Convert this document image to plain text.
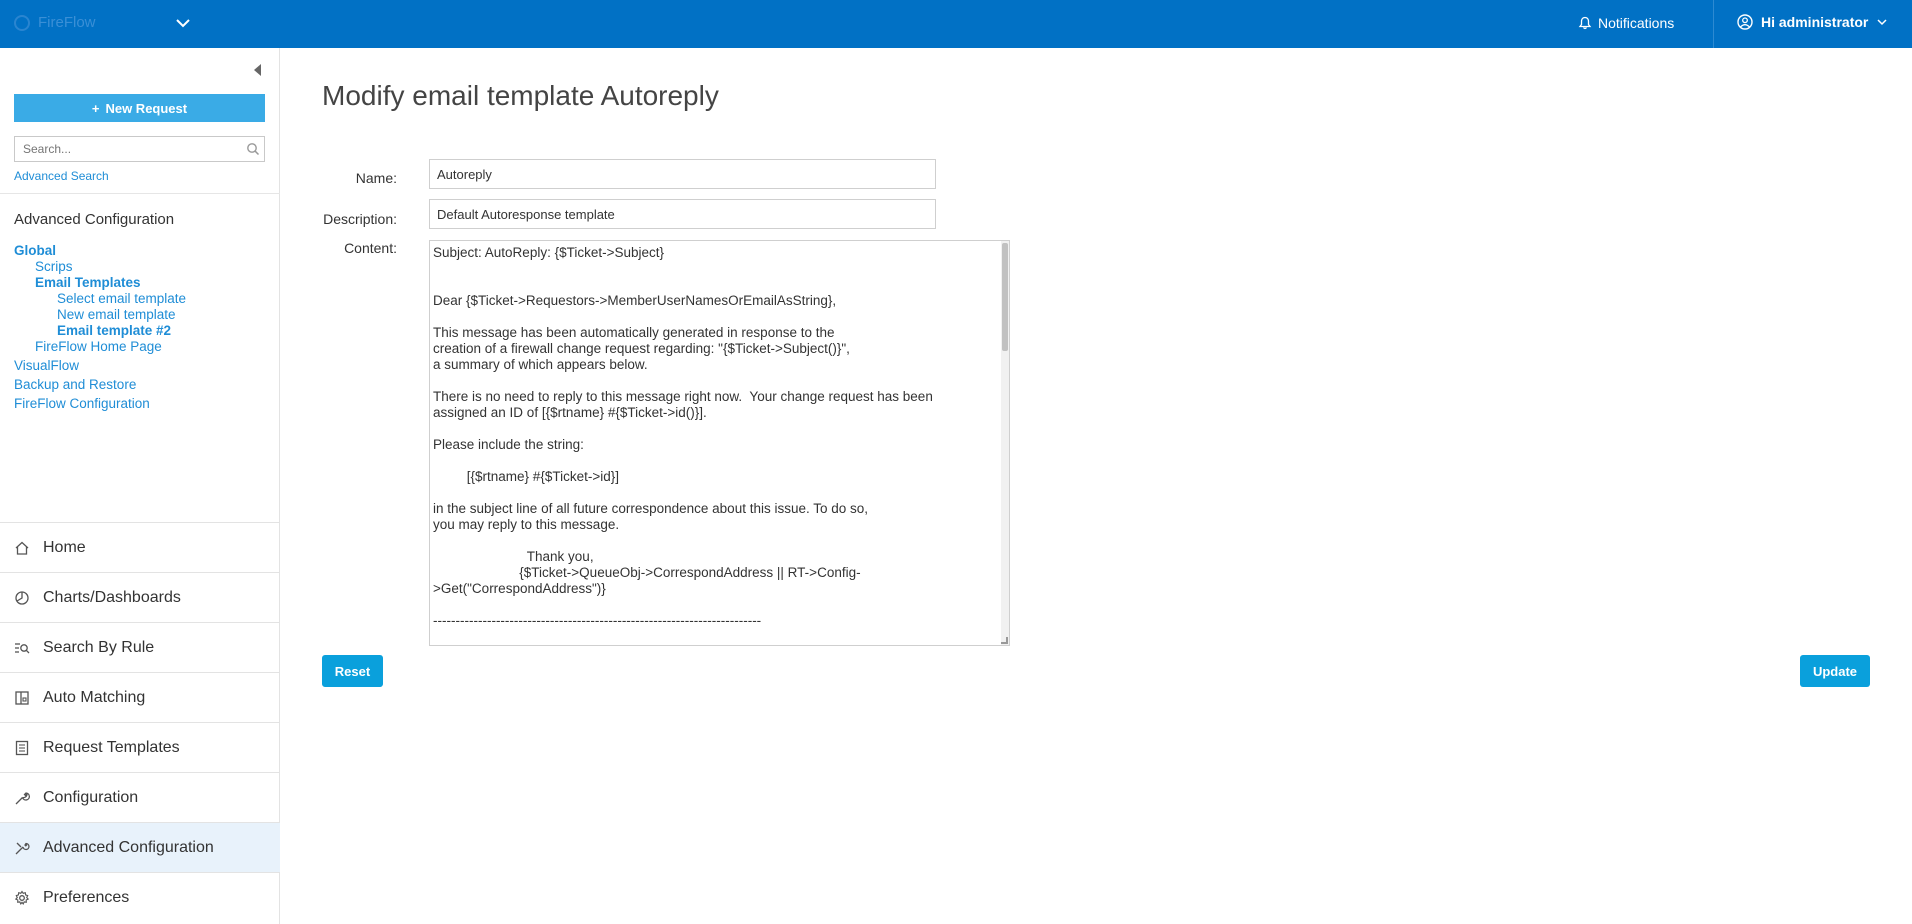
FireFlow	Notifications	Hi administrator
+ New Request
Search...
Advanced Search
Advanced Configuration
Global
Scrips
Email Templates
Select email template
New email template
Email template #2
FireFlow Home Page
VisualFlow
Backup and Restore
FireFlow Configuration
Home
Charts/Dashboards
Search By Rule
Auto Matching
Request Templates
Configuration
Advanced Configuration
Preferences
Modify email template Autoreply
Name:
Autoreply
Description:
Default Autoresponse template
Content:	Subject: AutoReply: {$Ticket->Subject}

Dear {$Ticket->Requestors->MemberUserNamesOrEmailAsString},

This message has been automatically generated in response to the
creation of a firewall change request regarding: "{$Ticket->Subject()}",
a summary of which appears below.

There is no need to reply to this message right now.  Your change request has been
assigned an ID of [{$rtname} #{$Ticket->id()}].

Please include the string:

[{$rtname} #{$Ticket->id}]

in the subject line of all future correspondence about this issue. To do so,
you may reply to this message.

Thank you,
{$Ticket->QueueObj->CorrespondAddress || RT->Config-
>Get("CorrespondAddress")}

-------------------------------------------------------------------------
Reset	Update
